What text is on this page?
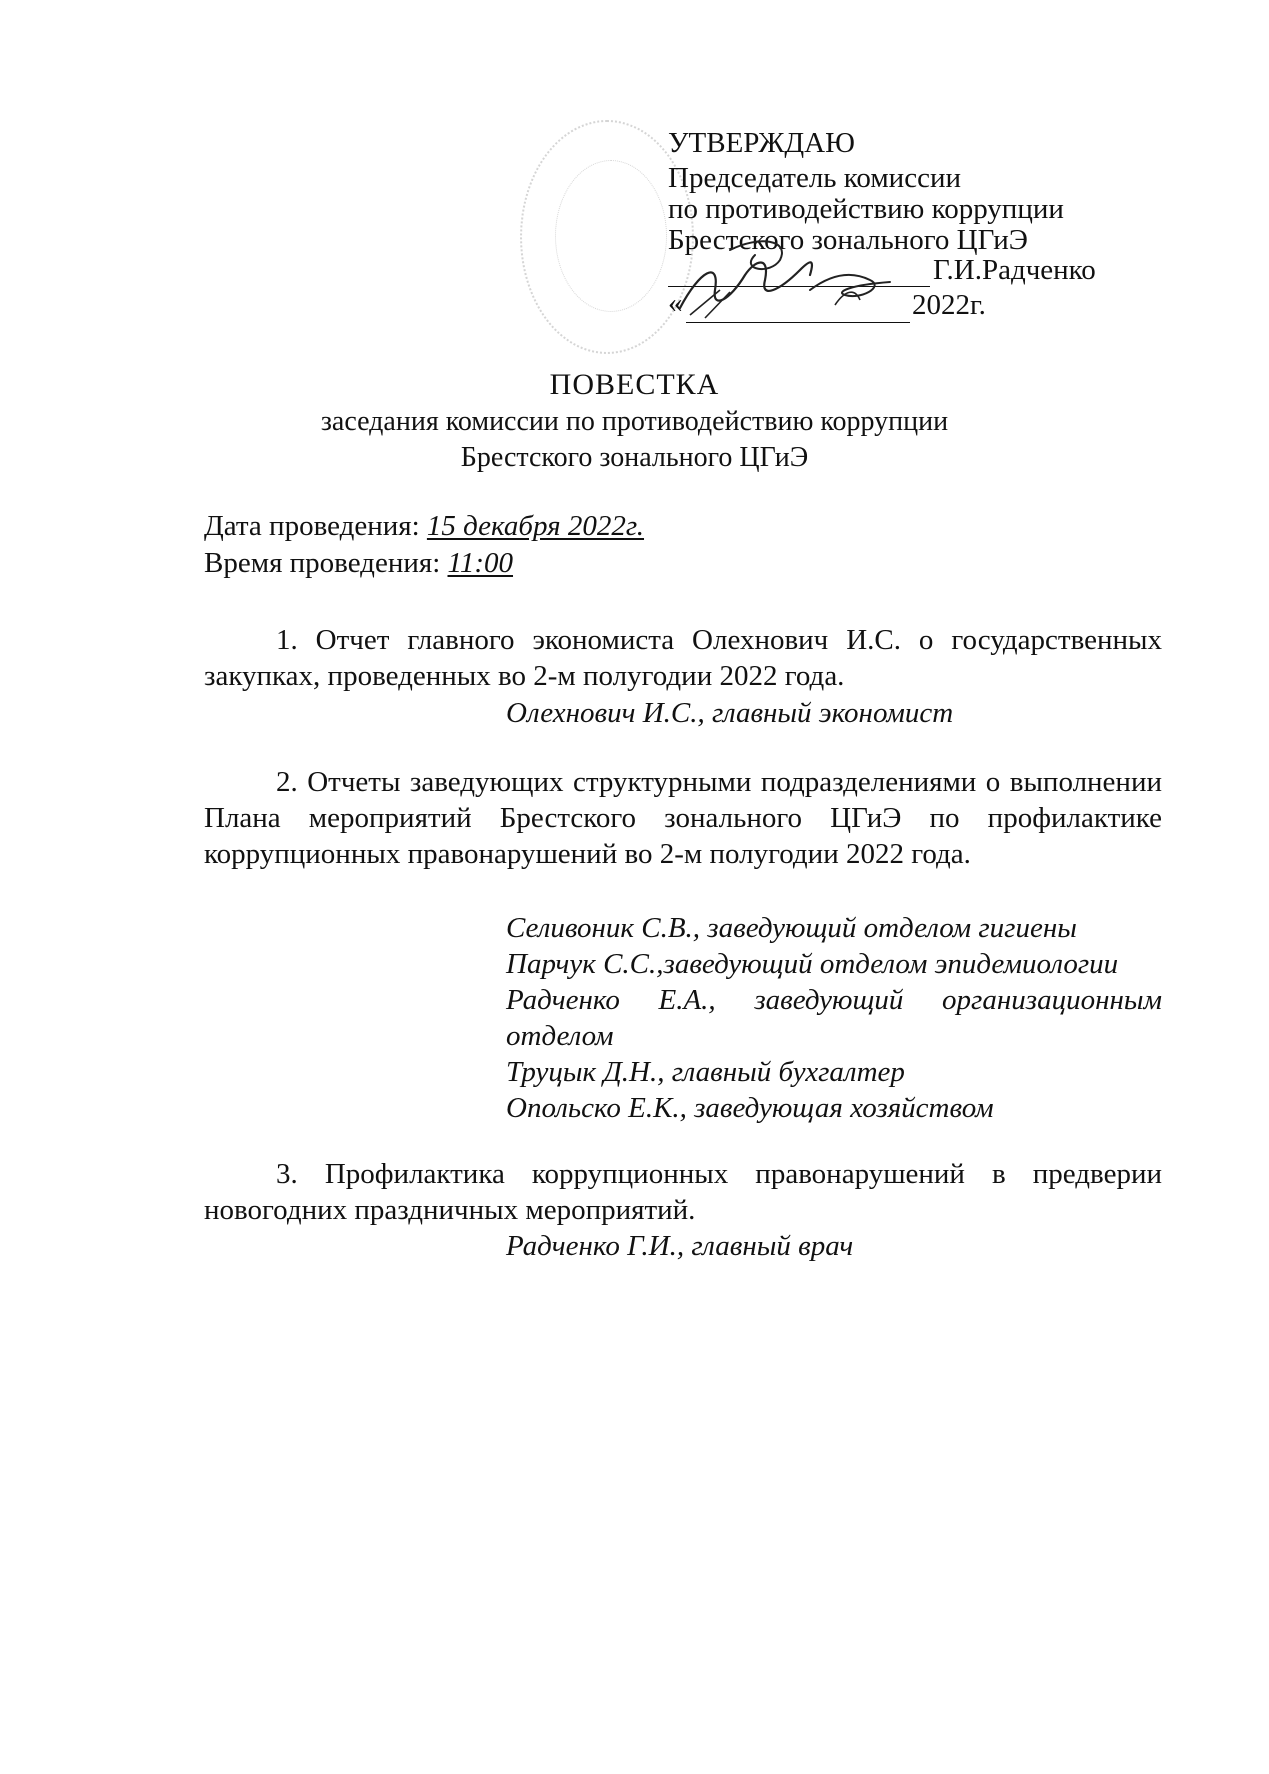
УТВЕРЖДАЮ
Председатель комиссии
по противодействию коррупции
Брестского зонального ЦГиЭ
Г.И.Радченко
«	2022г.
ПОВЕСТКА
заседания комиссии по противодействию коррупции
Брестского зонального ЦГиЭ
Дата проведения: 15 декабря 2022г.
Время проведения: 11:00
1. Отчет главного экономиста Олехнович И.С. о государственных закупках, проведенных во 2-м полугодии 2022 года.
Олехнович И.С., главный экономист
2. Отчеты заведующих структурными подразделениями о выполнении Плана мероприятий Брестского зонального ЦГиЭ по профилактике коррупционных правонарушений во 2-м полугодии 2022 года.
Селивоник С.В., заведующий отделом гигиены
Парчук С.С.,заведующий отделом эпидемиологии
Радченко Е.А., заведующий организационным отделом
Труцык Д.Н., главный бухгалтер
Опольско Е.К., заведующая хозяйством
3. Профилактика коррупционных правонарушений в предверии новогодних праздничных мероприятий.
Радченко Г.И., главный врач
